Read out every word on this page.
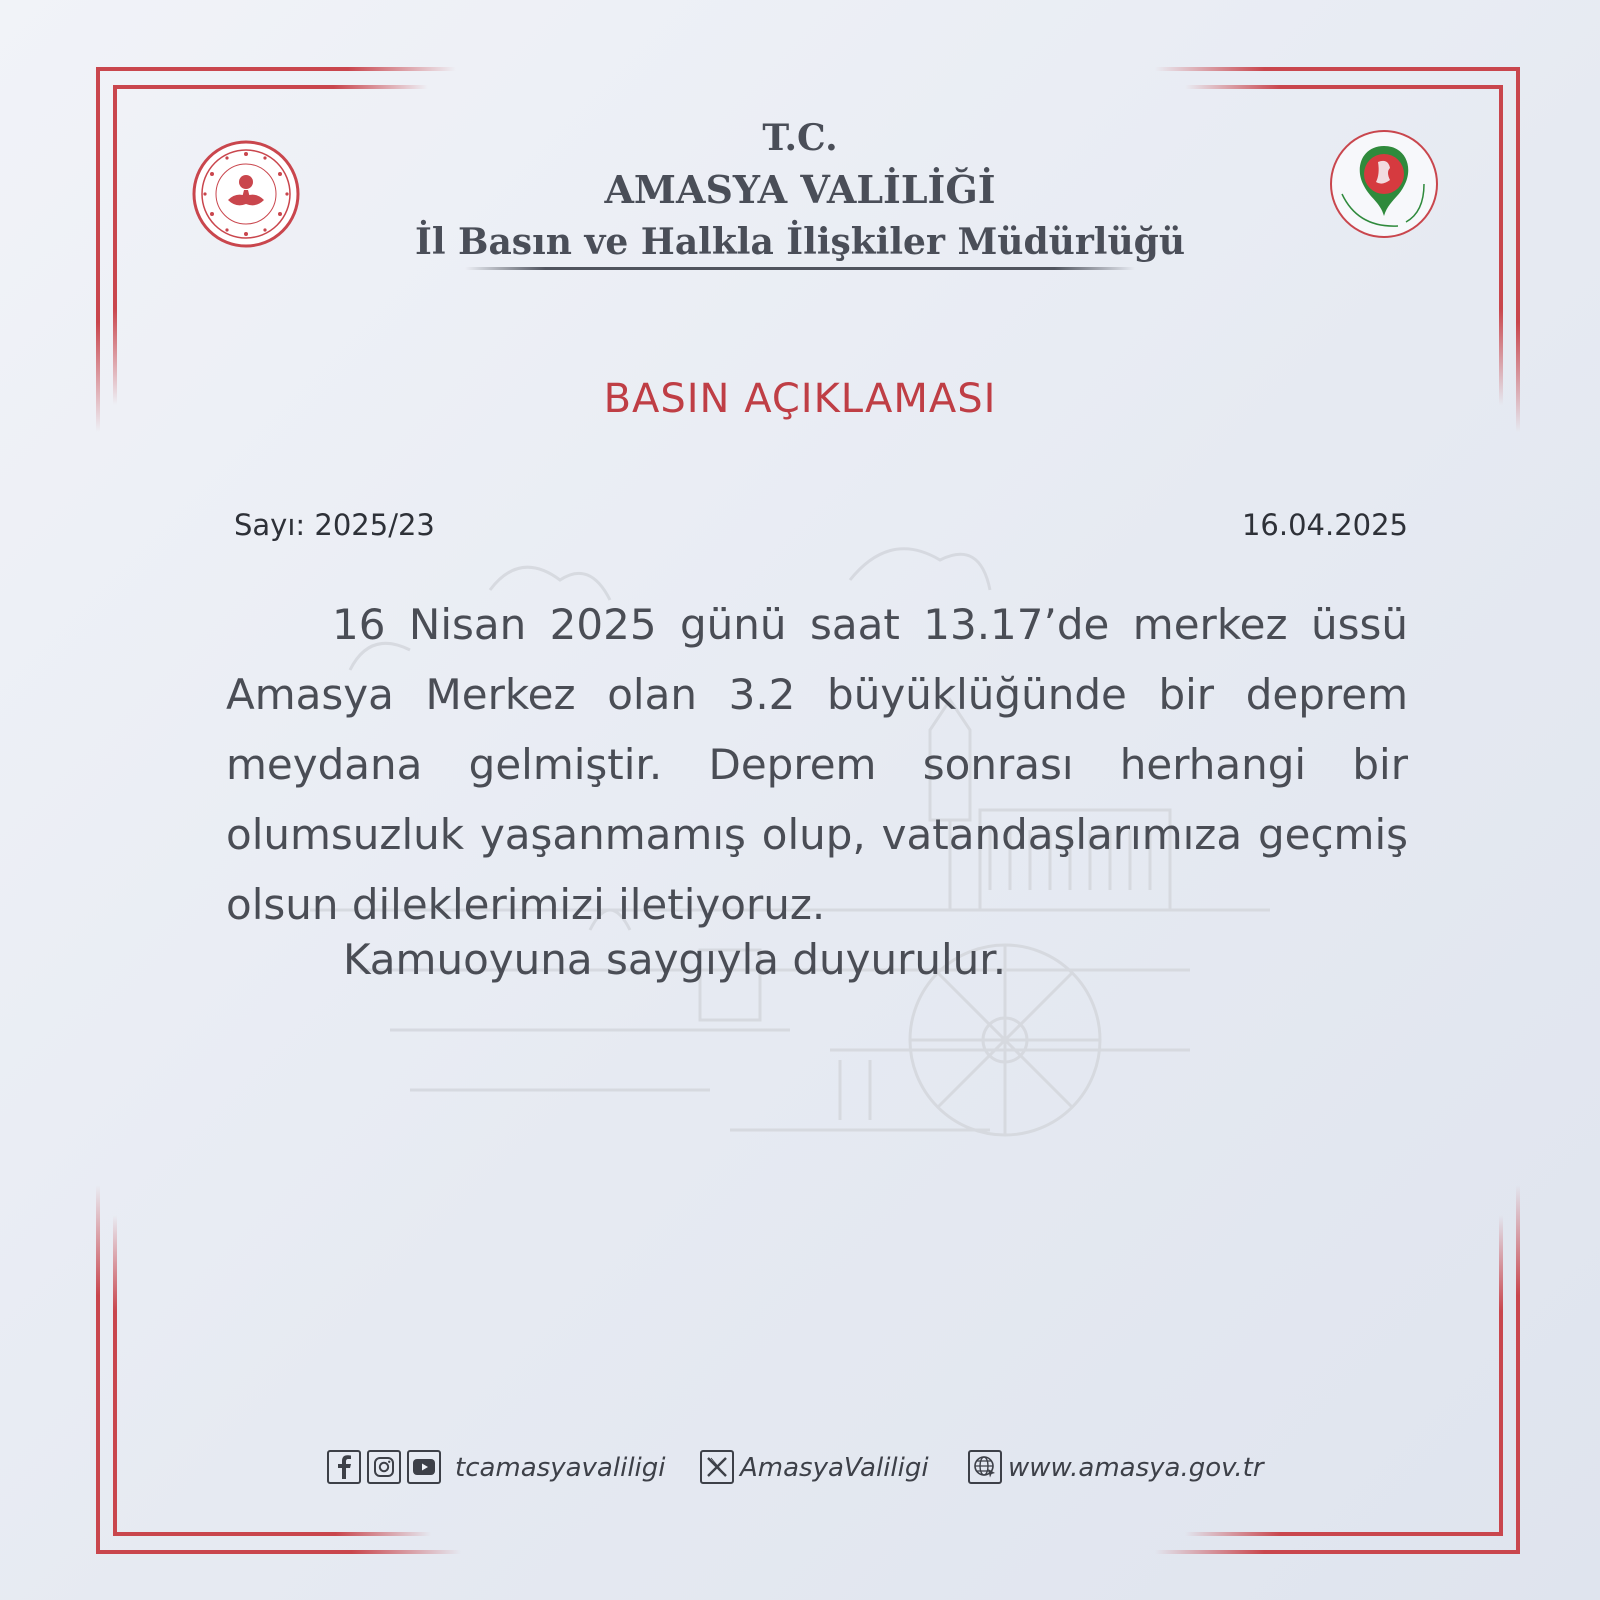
T.C.
AMASYA VALİLİĞİ
İl Basın ve Halkla İlişkiler Müdürlüğü
BASIN AÇIKLAMASI
Sayı: 2025/23	16.04.2025

16 Nisan 2025 günü saat 13.17’de merkez üssü Amasya Merkez olan 3.2 büyüklüğünde bir deprem meydana gelmiştir. Deprem sonrası herhangi bir olumsuzluk yaşanmamış olup, vatandaşlarımıza geçmiş olsun dileklerimizi iletiyoruz.

Kamuoyuna saygıyla duyurulur.
tcamasyavaliligi	AmasyaValiligi	www.amasya.gov.tr
